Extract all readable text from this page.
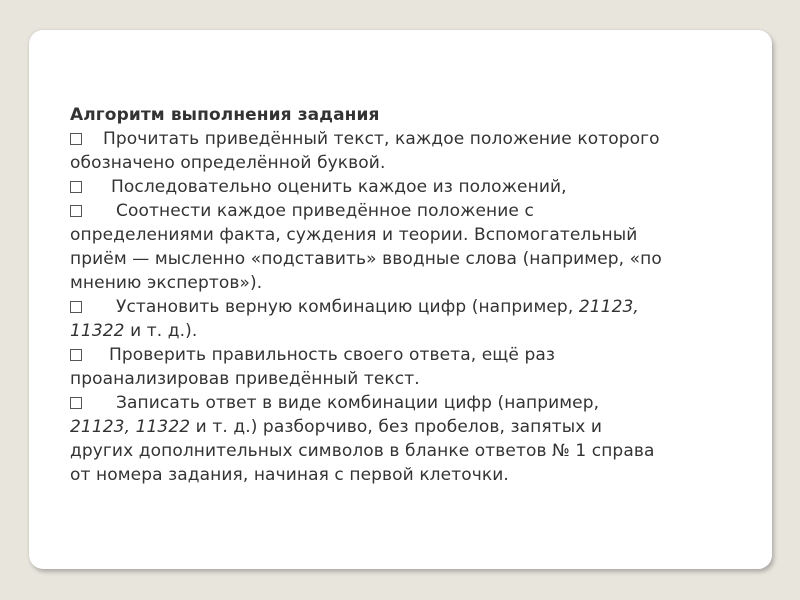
Алгоритм выполнения задания
Прочитать приведённый текст, каждое положение которого
обозначено определённой буквой.
Последовательно оценить каждое из положений,
Соотнести каждое приведённое положение с
определениями факта, суждения и теории. Вспомогательный
приём — мысленно «подставить» вводные слова (например, «по
мнению экспертов»).
Установить верную комбинацию цифр (например, 21123,
11322 и т. д.).
Проверить правильность своего ответа, ещё раз
проанализировав приведённый текст.
Записать ответ в виде комбинации цифр (например,
21123, 11322 и т. д.) разборчиво, без пробелов, запятых и
других дополнительных символов в бланке ответов № 1 справа
от номера задания, начиная с первой клеточки.
